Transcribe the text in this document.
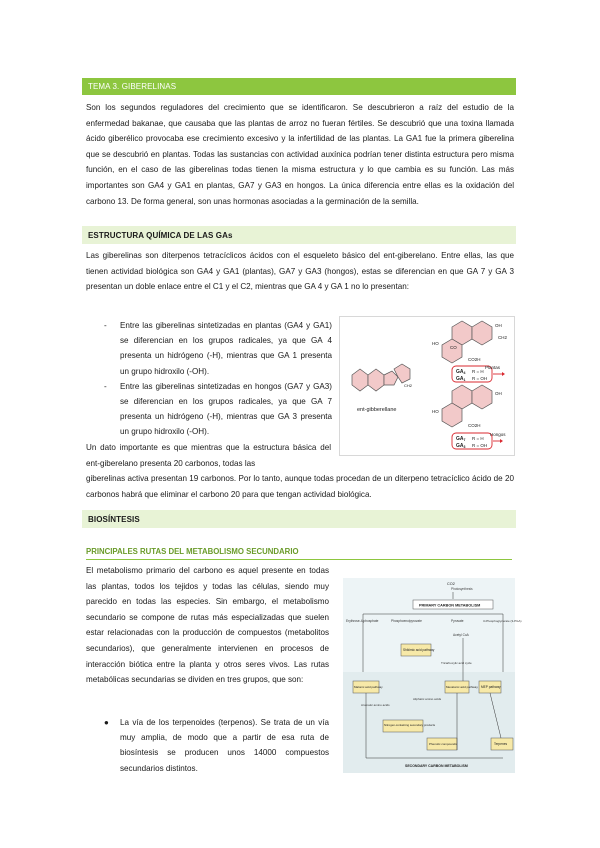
TEMA 3. GIBERELINAS

Son los segundos reguladores del crecimiento que se identificaron. Se descubrieron a raíz del estudio de la enfermedad bakanae, que causaba que las plantas de arroz no fueran fértiles. Se descubrió que una toxina llamada ácido giberélico provocaba ese crecimiento excesivo y la infertilidad de las plantas. La GA1 fue la primera giberelina que se descubrió en plantas. Todas las sustancias con actividad auxínica podrían tener distinta estructura pero misma función, en el caso de las giberelinas todas tienen la misma estructura y lo que cambia es su función. Las más importantes son GA4 y GA1 en plantas, GA7 y GA3 en hongos. La única diferencia entre ellas es la oxidación del carbono 13. De forma general, son unas hormonas asociadas a la germinación de la semilla.

ESTRUCTURA QUÍMICA DE LAS GAs

Las giberelinas son diterpenos tetracíclicos ácidos con el esqueleto básico del ent-giberelano. Entre ellas, las que tienen actividad biológica son GA4 y GA1 (plantas), GA7 y GA3 (hongos), estas se diferencian en que GA 7 y GA 3 presentan un doble enlace entre el C1 y el C2, mientras que GA 4 y GA 1 no lo presentan:

- Entre las giberelinas sintetizadas en plantas (GA4 y GA1) se diferencian en los grupos radicales, ya que GA 4 presenta un hidrógeno (-H), mientras que GA 1 presenta un grupo hidroxilo (-OH).
- Entre las giberelinas sintetizadas en hongos (GA7 y GA3) se diferencian en los grupos radicales, ya que GA 7 presenta un hidrógeno (-H), mientras que GA 3 presenta un grupo hidroxilo (-OH).

Un dato importante es que mientras que la estructura básica del ent-giberelano presenta 20 carbonos, todas las

giberelinas activa presentan 19 carbonos. Por lo tanto, aunque todas procedan de un diterpeno tetracíclico ácido de 20 carbonos habrá que eliminar el carbono 20 para que tengan actividad biológica.

ent-gibberellane
CH2
CH2
CO
HO
CO2H
OH
$GA_4$ R = H
$GA_1$ R = OH
Plantas
OH
HO
CO2H
$GA_7$ R = H
$GA_3$ R = OH
Hongos
BIOSÍNTESIS
PRINCIPALES RUTAS DEL METABOLISMO SECUNDARIO

El metabolismo primario del carbono es aquel presente en todas las plantas, todos los tejidos y todas las células, siendo muy parecido en todas las especies. Sin embargo, el metabolismo secundario se compone de rutas más especializadas que suelen estar relacionadas con la producción de compuestos (metabolitos secundarios), que generalmente intervienen en procesos de interacción biótica entre la planta y otros seres vivos. Las rutas metabólicas secundarias se dividen en tres grupos, que son:

● La vía de los terpenoides (terpenos). Se trata de un vía muy amplia, de modo que a partir de esa ruta de biosíntesis se producen unos 14000 compuestos secundarios distintos.
CO2
Photosynthesis
PRIMARY CARBON METABOLISM
Erythrose-4-phosphate	Phosphoenolpyruvate	Pyruvate	3-Phosphoglycerate (3-PGA)
Shikimic acid pathway
Acetyl CoA
Tricarboxylic acid cycle
Malonic acid pathway	Mevalonic acid pathway MEP pathway
Aromatic amino acids
Aliphatic amino acids
Nitrogen-containing secondary products
Phenolic compounds	Terpenes
SECONDARY CARBON METABOLISM
